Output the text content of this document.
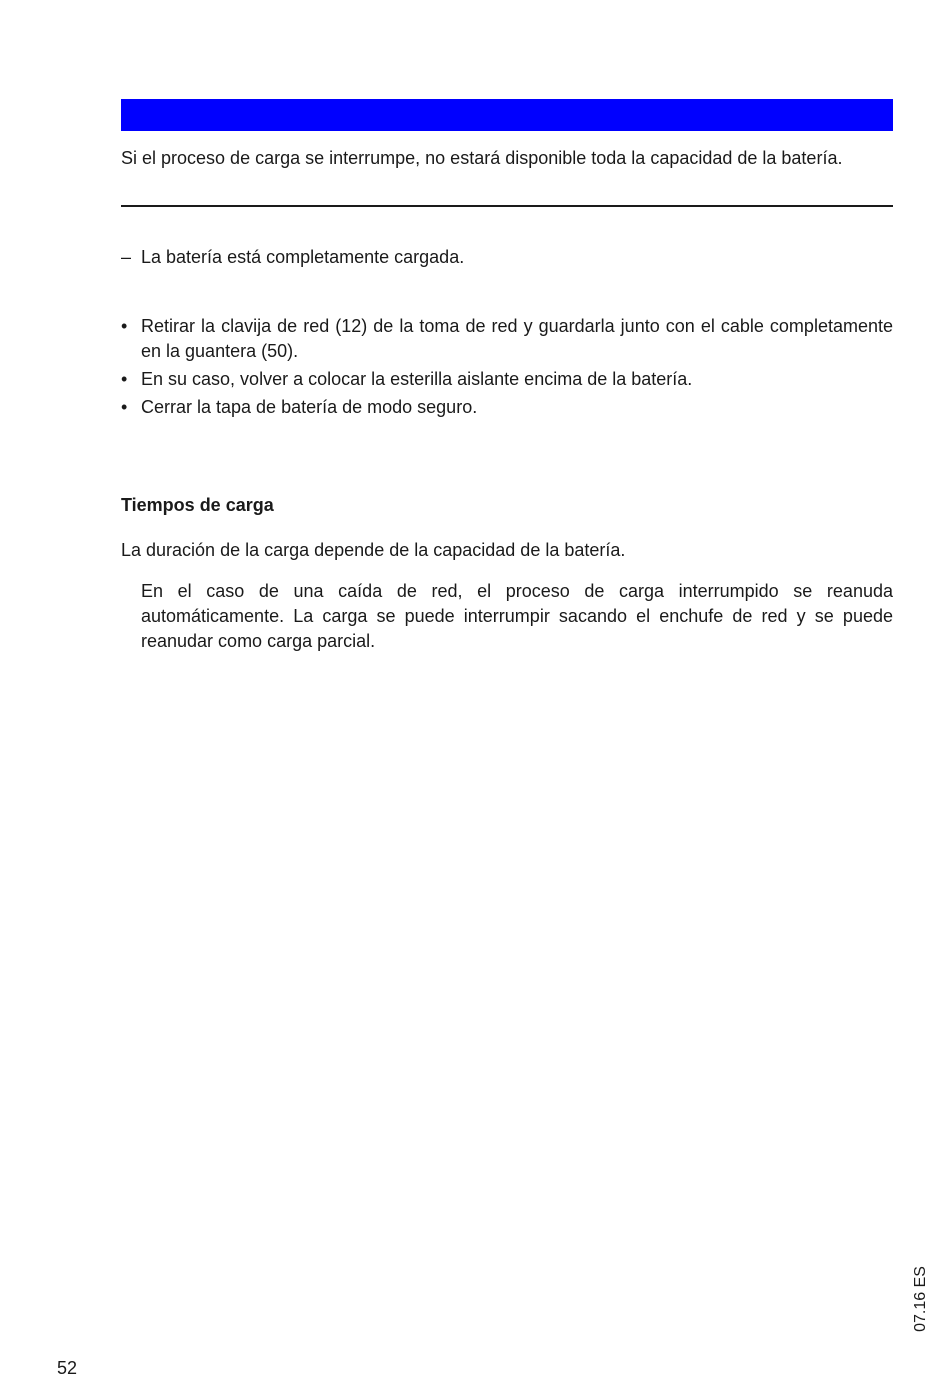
Si el proceso de carga se interrumpe, no estará disponible toda la capacidad de la batería.

– La batería está completamente cargada.

• Retirar la clavija de red (12) de la toma de red y guardarla junto con el cable completamente en la guantera (50).
• En su caso, volver a colocar la esterilla aislante encima de la batería.
• Cerrar la tapa de batería de modo seguro.
Tiempos de carga

La duración de la carga depende de la capacidad de la batería.

En el caso de una caída de red, el proceso de carga interrumpido se reanuda automáticamente. La carga se puede interrumpir sacando el enchufe de red y se puede reanudar como carga parcial.

52
07.16 ES
